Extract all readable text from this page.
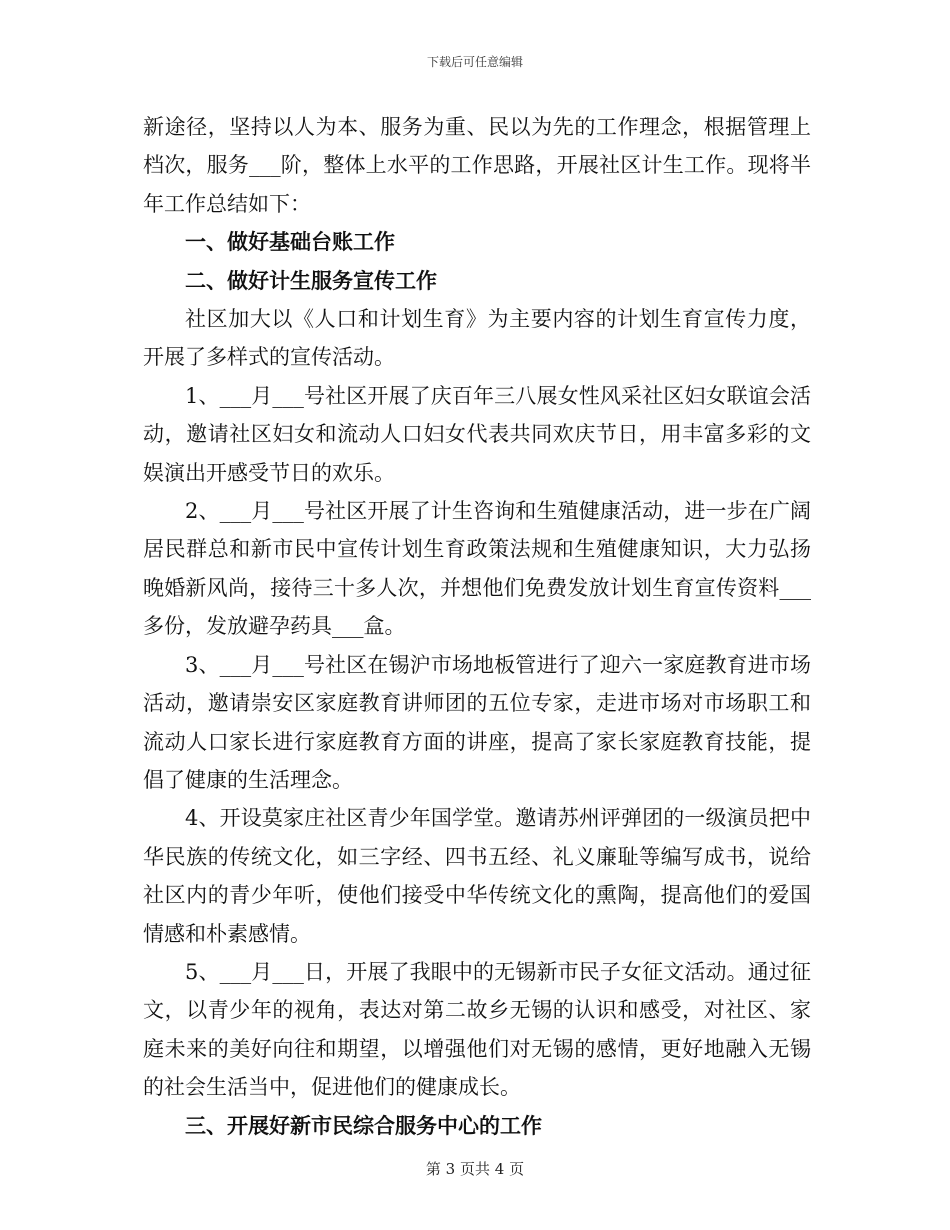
下载后可任意编辑

新途径，坚持以人为本、服务为重、民以为先的工作理念，根据管理上档次，服务___阶，整体上水平的工作思路，开展社区计生工作。现将半年工作总结如下：

一、做好基础台账工作

二、做好计生服务宣传工作

社区加大以《人口和计划生育》为主要内容的计划生育宣传力度，开展了多样式的宣传活动。

1、___月___号社区开展了庆百年三八展女性风采社区妇女联谊会活动，邀请社区妇女和流动人口妇女代表共同欢庆节日，用丰富多彩的文娱演出开感受节日的欢乐。

2、___月___号社区开展了计生咨询和生殖健康活动，进一步在广阔居民群总和新市民中宣传计划生育政策法规和生殖健康知识，大力弘扬晚婚新风尚，接待三十多人次，并想他们免费发放计划生育宣传资料___多份，发放避孕药具___盒。

3、___月___号社区在锡沪市场地板管进行了迎六一家庭教育进市场活动，邀请崇安区家庭教育讲师团的五位专家，走进市场对市场职工和流动人口家长进行家庭教育方面的讲座，提高了家长家庭教育技能，提倡了健康的生活理念。

4、开设莫家庄社区青少年国学堂。邀请苏州评弹团的一级演员把中华民族的传统文化，如三字经、四书五经、礼义廉耻等编写成书，说给社区内的青少年听，使他们接受中华传统文化的熏陶，提高他们的爱国情感和朴素感情。

5、___月___日，开展了我眼中的无锡新市民子女征文活动。通过征文，以青少年的视角，表达对第二故乡无锡的认识和感受，对社区、家庭未来的美好向往和期望，以增强他们对无锡的感情，更好地融入无锡的社会生活当中，促进他们的健康成长。

三、开展好新市民综合服务中心的工作

第 3 页共 4 页
